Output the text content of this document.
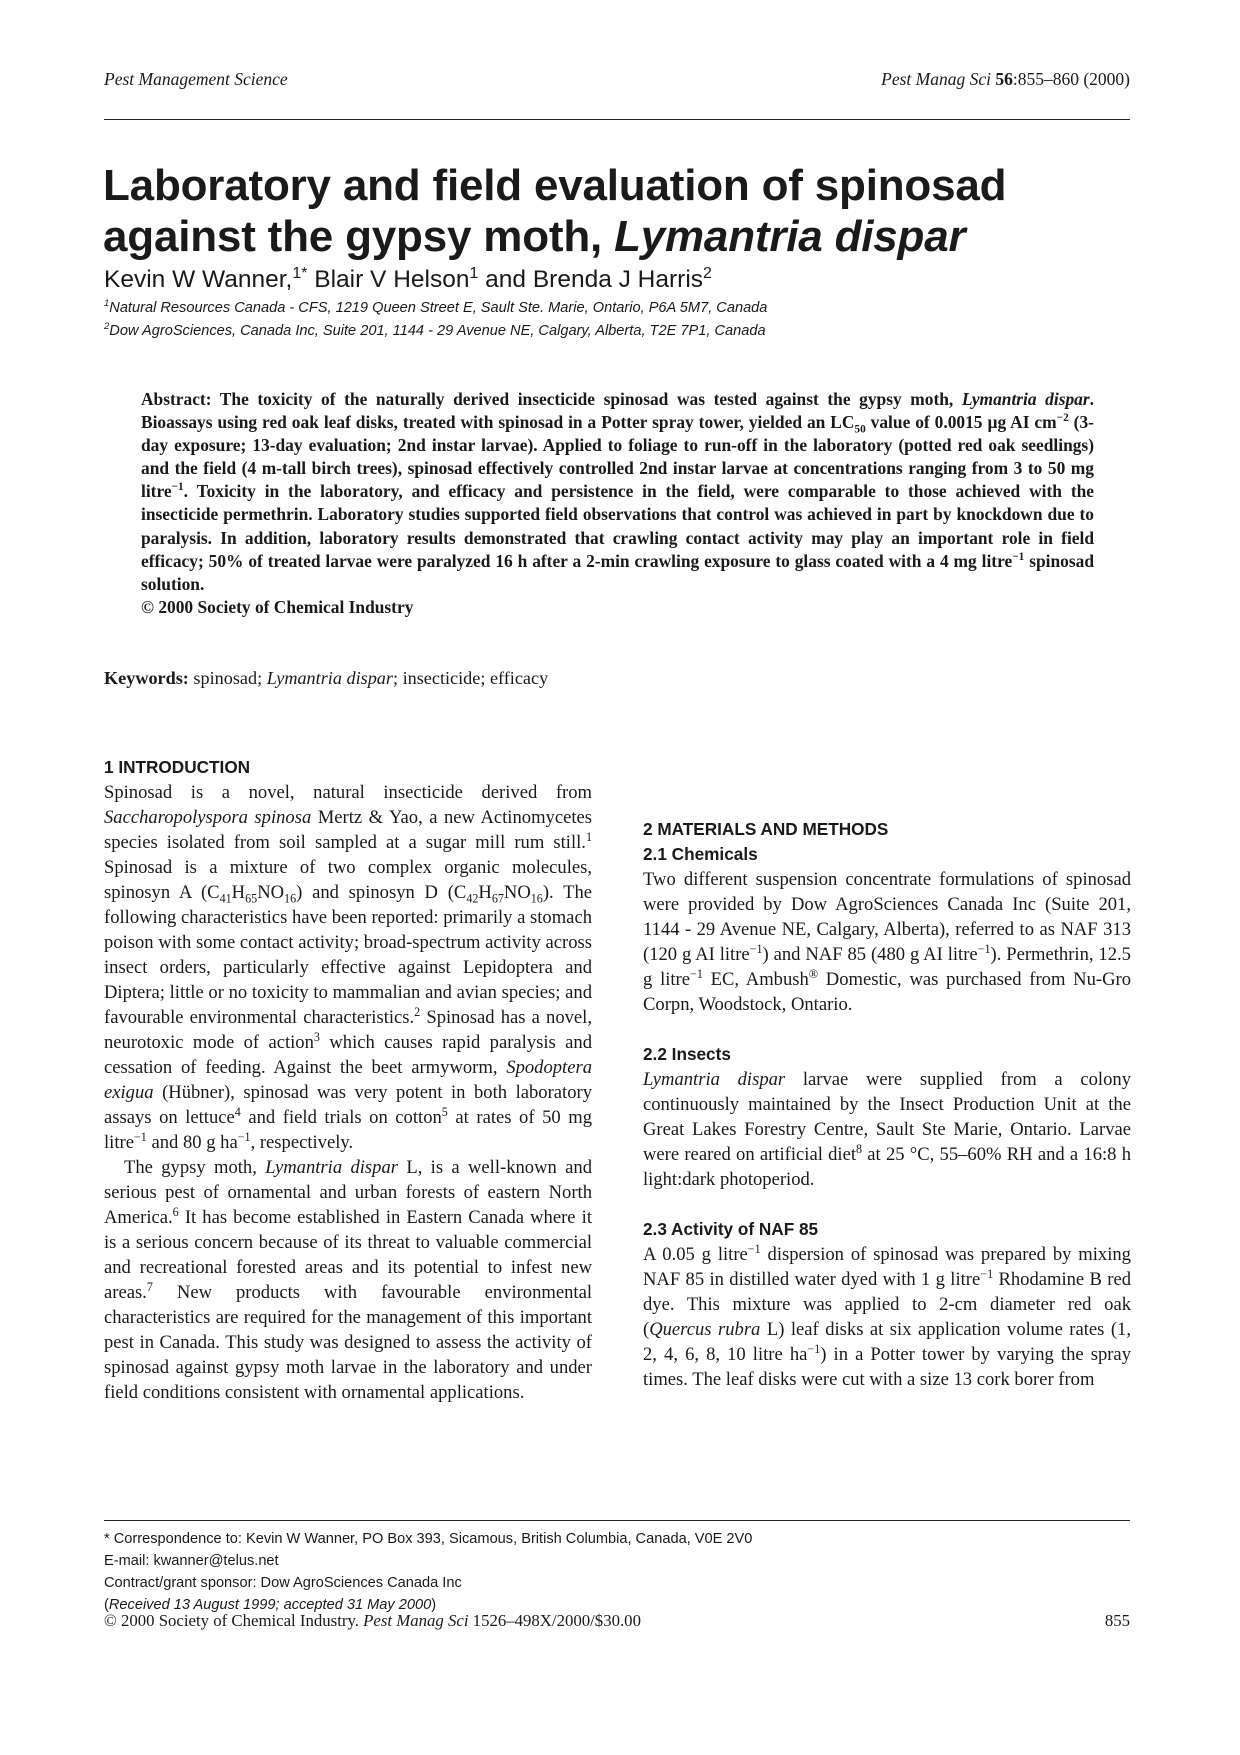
Pest Management Science	Pest Manag Sci 56:855–860 (2000)
Laboratory and field evaluation of spinosad
against the gypsy moth, Lymantria dispar
Kevin W Wanner,$^{1*}$ Blair V Helson$^1$ and Brenda J Harris$^2$
$^1$Natural Resources Canada - CFS, 1219 Queen Street E, Sault Ste. Marie, Ontario, P6A 5M7, Canada
$^2$Dow AgroSciences, Canada Inc, Suite 201, 1144 - 29 Avenue NE, Calgary, Alberta, T2E 7P1, Canada
Abstract: The toxicity of the naturally derived insecticide spinosad was tested against the gypsy moth, Lymantria dispar. Bioassays using red oak leaf disks, treated with spinosad in a Potter spray tower, yielded an $LC_{50}$ value of 0.0015 µg AI $cm^{-2}$ (3-day exposure; 13-day evaluation; 2nd instar larvae). Applied to foliage to run-off in the laboratory (potted red oak seedlings) and the field (4 m-tall birch trees), spinosad effectively controlled 2nd instar larvae at concentrations ranging from 3 to 50 mg litre$^{-1}$. Toxicity in the laboratory, and efficacy and persistence in the field, were comparable to those achieved with the insecticide permethrin. Laboratory studies supported field observations that control was achieved in part by knockdown due to paralysis. In addition, laboratory results demonstrated that crawling contact activity may play an important role in field efficacy; 50% of treated larvae were paralyzed 16 h after a 2-min crawling exposure to glass coated with a 4 mg litre$^{-1}$ spinosad solution.
© 2000 Society of Chemical Industry
Keywords: spinosad; Lymantria dispar; insecticide; efficacy
1 INTRODUCTION

Spinosad is a novel, natural insecticide derived from Saccharopolyspora spinosa Mertz & Yao, a new Actinomycetes species isolated from soil sampled at a sugar mill rum still.$^1$ Spinosad is a mixture of two complex organic molecules, spinosyn A $(C_{41}H_{65}NO_{16})$ and spinosyn D $(C_{42}H_{67}NO_{16})$. The following characteristics have been reported: primarily a stomach poison with some contact activity; broad-spectrum activity across insect orders, particularly effective against Lepidoptera and Diptera; little or no toxicity to mammalian and avian species; and favourable environmental characteristics.$^2$ Spinosad has a novel, neurotoxic mode of action$^3$ which causes rapid paralysis and cessation of feeding. Against the beet armyworm, Spodoptera exigua (Hübner), spinosad was very potent in both laboratory assays on lettuce$^4$ and field trials on cotton$^5$ at rates of 50 mg litre$^{-1}$ and 80 g $ha^{-1}$, respectively.

The gypsy moth, Lymantria dispar L, is a well-known and serious pest of ornamental and urban forests of eastern North America.$^6$ It has become established in Eastern Canada where it is a serious concern because of its threat to valuable commercial and recreational forested areas and its potential to infest new areas.$^7$ New products with favourable environmental characteristics are required for the management of this important pest in Canada. This study was designed to assess the activity of spinosad against gypsy moth larvae in the laboratory and under field conditions consistent with ornamental applications.

2 MATERIALS AND METHODS
2.1 Chemicals

Two different suspension concentrate formulations of spinosad were provided by Dow AgroSciences Canada Inc (Suite 201, 1144 - 29 Avenue NE, Calgary, Alberta), referred to as NAF 313 (120 g AI litre$^{-1}$) and NAF 85 (480 g AI litre$^{-1}$). Permethrin, 12.5 g litre$^{-1}$ EC, Ambush® Domestic, was purchased from Nu-Gro Corpn, Woodstock, Ontario.

2.2 Insects

Lymantria dispar larvae were supplied from a colony continuously maintained by the Insect Production Unit at the Great Lakes Forestry Centre, Sault Ste Marie, Ontario. Larvae were reared on artificial diet$^8$ at 25 °C, 55–60% RH and a 16:8 h light:dark photoperiod.

2.3 Activity of NAF 85

A 0.05 g litre$^{-1}$ dispersion of spinosad was prepared by mixing NAF 85 in distilled water dyed with 1 g litre$^{-1}$ Rhodamine B red dye. This mixture was applied to 2-cm diameter red oak (Quercus rubra L) leaf disks at six application volume rates (1, 2, 4, 6, 8, 10 litre $ha^{-1}$) in a Potter tower by varying the spray times. The leaf disks were cut with a size 13 cork borer from

* Correspondence to: Kevin W Wanner, PO Box 393, Sicamous, British Columbia, Canada, V0E 2V0
E-mail: kwanner@telus.net
Contract/grant sponsor: Dow AgroSciences Canada Inc
(Received 13 August 1999; accepted 31 May 2000)
© 2000 Society of Chemical Industry. Pest Manag Sci 1526–498X/2000/$30.00	855
